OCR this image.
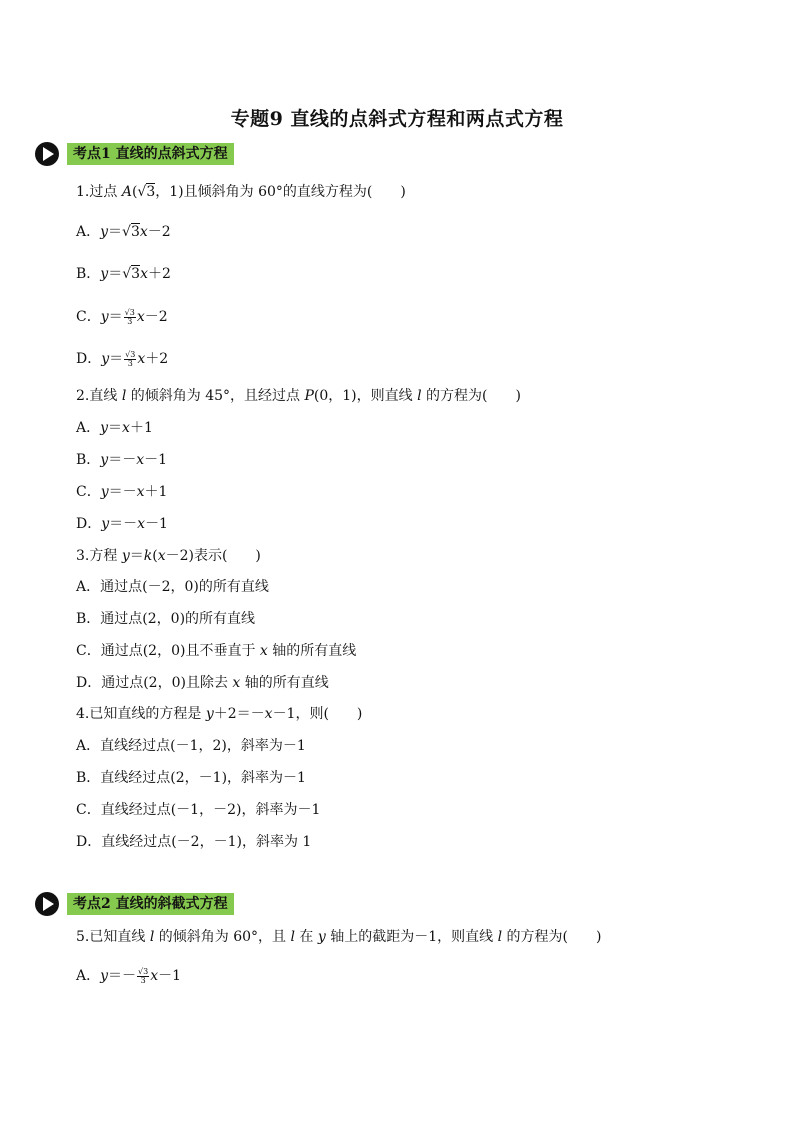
专题9 直线的点斜式方程和两点式方程
考点1 直线的点斜式方程
1.过点 A(√3，1)且倾斜角为 60°的直线方程为(　　)
A．y＝√3x－2
B．y＝√3x＋2
C．$y= \frac{√3}{3} x-2$
D．$y= \frac{√3}{3} x+2$
2.直线 l 的倾斜角为 45°，且经过点 P(0，1)，则直线 l 的方程为(　　)
A．y＝x＋1
B．y＝－x－1
C．y＝－x＋1
D．y＝－x－1
3.方程 y＝k(x－2)表示(　　)
A．通过点(－2，0)的所有直线
B．通过点(2，0)的所有直线
C．通过点(2，0)且不垂直于 x 轴的所有直线
D．通过点(2，0)且除去 x 轴的所有直线
4.已知直线的方程是 y＋2＝－x－1，则(　　)
A．直线经过点(－1，2)，斜率为－1
B．直线经过点(2，－1)，斜率为－1
C．直线经过点(－1，－2)，斜率为－1
D．直线经过点(－2，－1)，斜率为 1
考点2 直线的斜截式方程
5.已知直线 l 的倾斜角为 60°，且 l 在 y 轴上的截距为－1，则直线 l 的方程为(　　)
A．$y=- \frac{√3}{3} x-1$
